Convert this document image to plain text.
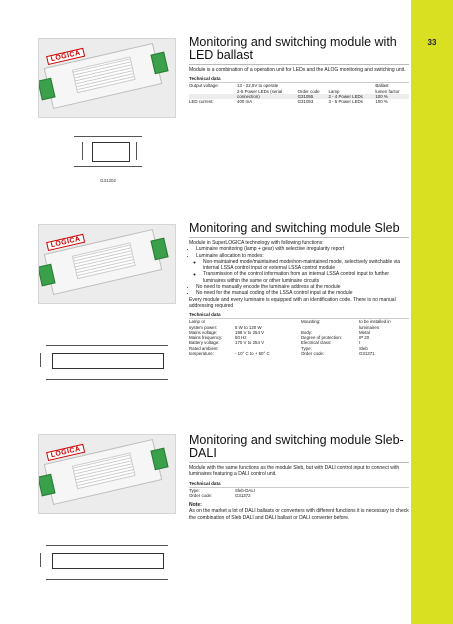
33
LOGICA
G31202
Monitoring and switching module with LED ballast

Module is a combination of a operation unit for LEDs and the ALOG monitoring and switching unit.

Technical data
Output voltage:	13 - 22,5V to operate			Ballast
	2-5 Power LEDs (serial	Order code	Lamp	lumen factor
	connection)	G31055	2 - 4 Power LEDs	100 %
LED current:	400 mA	G31053	3 - 5 Power LEDs	100 %
LOGICA
Monitoring and switching module Sleb

Module in SuperLOGICA technology with following functions:

• Luminaire monitoring (lamp + gear) with selective irregularity report
• Luminaire allocation to modes:
◦ Non-maintained mode/maintained mode/non-maintained mode, selectively switchable via internal LSSA control input or external LSSA control module
◦ Transmission of the control information from an internal LSSA control input to further luminaires within the same or other luminaire circuits
• No need to manually encode the luminaire address at the module
• No need for the manual coding of the LSSA control input at the module

Every module and every luminaire is equipped with an identification code. There is no manual addressing required

Technical data
Lamp or		Mounting:	to be installed in
system power:	5 W to 120 W		luminaires
Mains voltage:	198 V to 254 V	Body:	Metal
Mains frequency:	50 Hz	Degree of protection:	IP 20
Battery voltage:	170 V to 254 V	Electrical class:	I
Rated ambient		Type:	Sleb
temperature:	- 10° C to + 50° C	Order code:	G31371
LOGICA
Monitoring and switching module Sleb-DALI

Module with the same functions as the module Sleb, but with DALI control input to connect with luminaires featuring a DALI control unit.

Technical data
Type:	Sleb-DALI
Order code:	G31372

Note:

As on the market a lot of DALI ballasts or converters with different functions it is necessary to check the combination of Sleb DALI and DALI ballast or DALI converter before.
